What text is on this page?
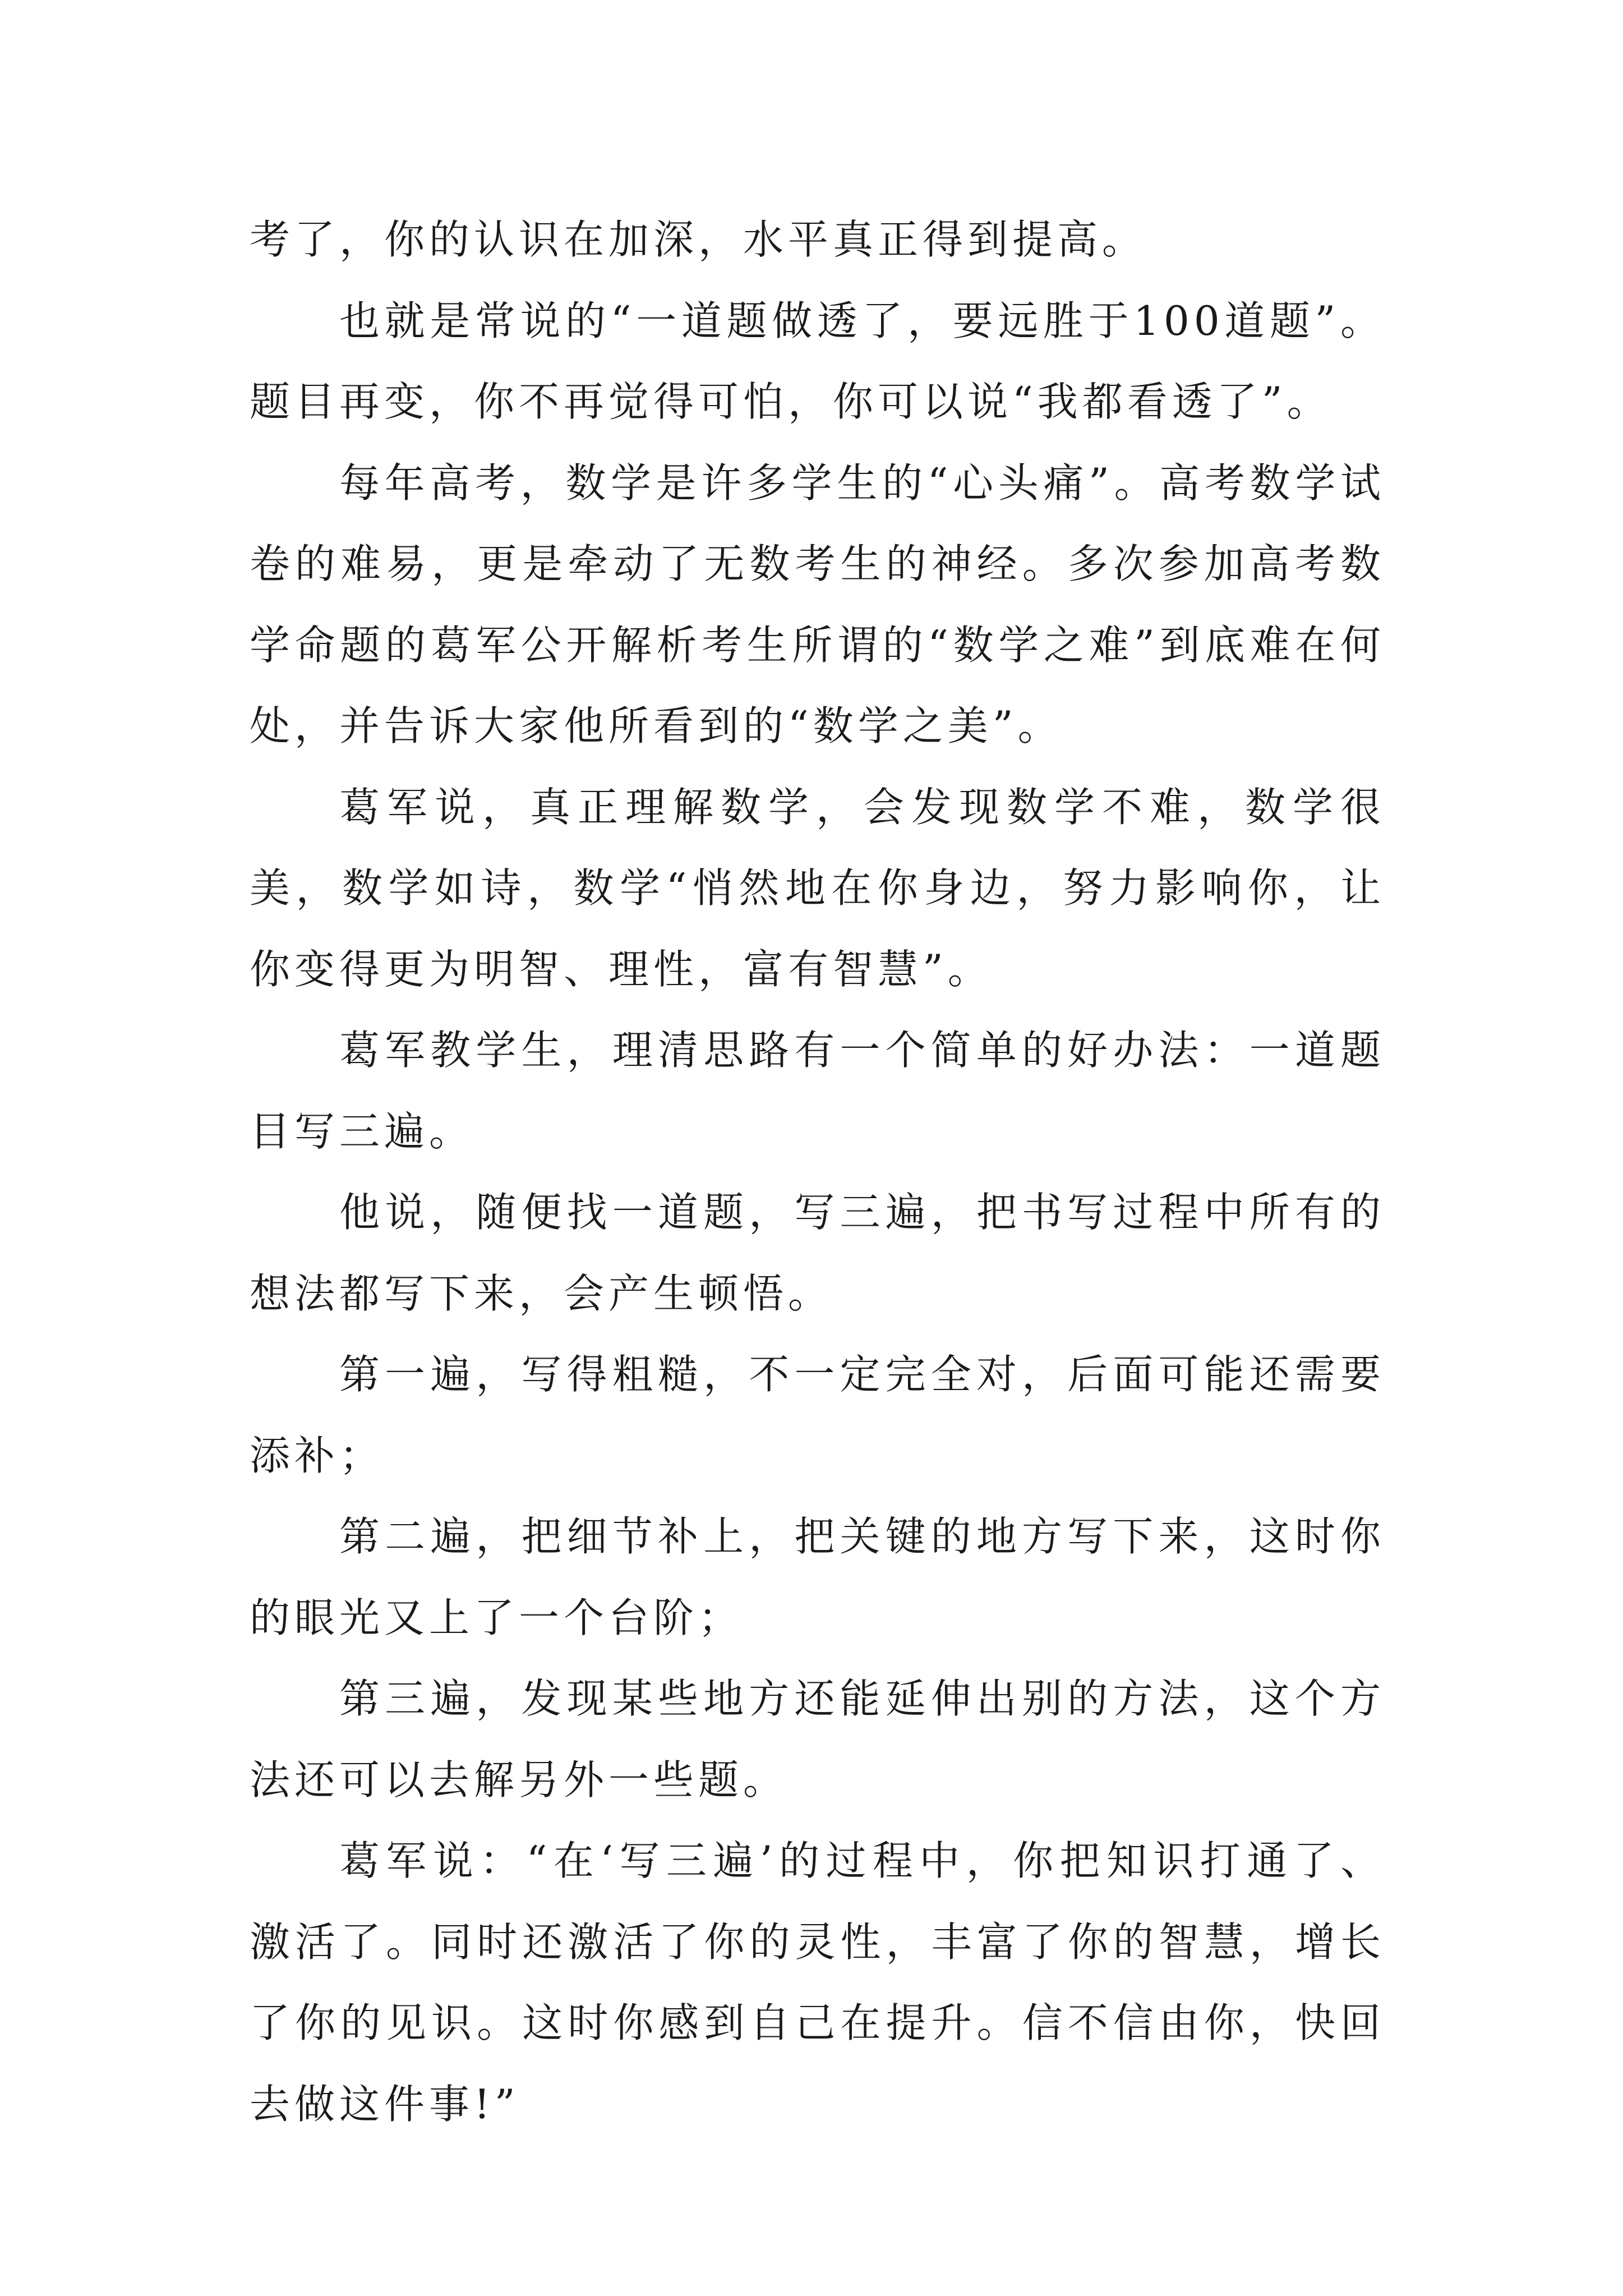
考了，你的认识在加深，水平真正得到提高。

也就是常说的“一道题做透了，要远胜于100道题”。题目再变，你不再觉得可怕，你可以说“我都看透了”。

每年高考，数学是许多学生的“心头痛”。高考数学试卷的难易，更是牵动了无数考生的神经。多次参加高考数学命题的葛军公开解析考生所谓的“数学之难”到底难在何处，并告诉大家他所看到的“数学之美”。

葛军说，真正理解数学，会发现数学不难，数学很美，数学如诗，数学“悄然地在你身边，努力影响你，让你变得更为明智、理性，富有智慧”。

葛军教学生，理清思路有一个简单的好办法：一道题目写三遍。

他说，随便找一道题，写三遍，把书写过程中所有的想法都写下来，会产生顿悟。

第一遍，写得粗糙，不一定完全对，后面可能还需要添补；

第二遍，把细节补上，把关键的地方写下来，这时你的眼光又上了一个台阶；

第三遍，发现某些地方还能延伸出别的方法，这个方法还可以去解另外一些题。

葛军说：“在‘写三遍’的过程中，你把知识打通了、激活了。同时还激活了你的灵性，丰富了你的智慧，增长了你的见识。这时你感到自己在提升。信不信由你，快回去做这件事!”
